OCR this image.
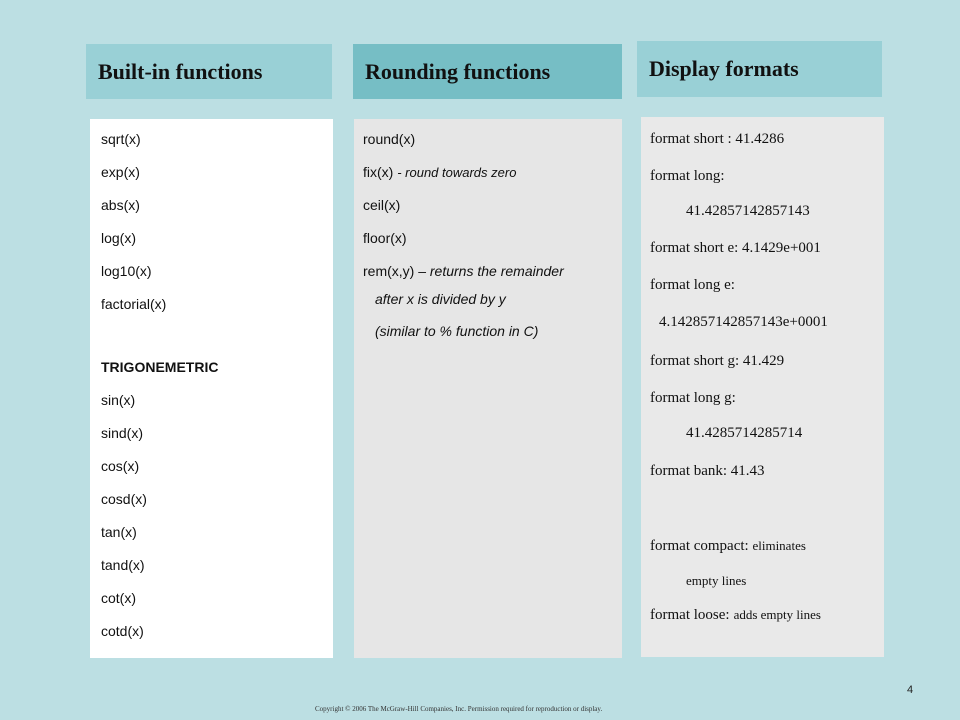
Built-in functions	Rounding functions	Display formats
sqrt(x)
exp(x)
abs(x)
log(x)
log10(x)
factorial(x)
TRIGONEMETRIC
sin(x)
sind(x)
cos(x)
cosd(x)
tan(x)
tand(x)
cot(x)
cotd(x)
round(x)
fix(x) - round towards zero
ceil(x)
floor(x)
rem(x,y) – returns the remainder
after x is divided by y
(similar to % function in C)
format short : 41.4286
format long:
41.42857142857143
format short e: 4.1429e+001
format long e:
4.142857142857143e+0001
format short g: 41.429
format long g:
41.4285714285714
format bank: 41.43
format compact: eliminates
empty lines
format loose: adds empty lines
4
Copyright © 2006 The McGraw-Hill Companies, Inc. Permission required for reproduction or display.
